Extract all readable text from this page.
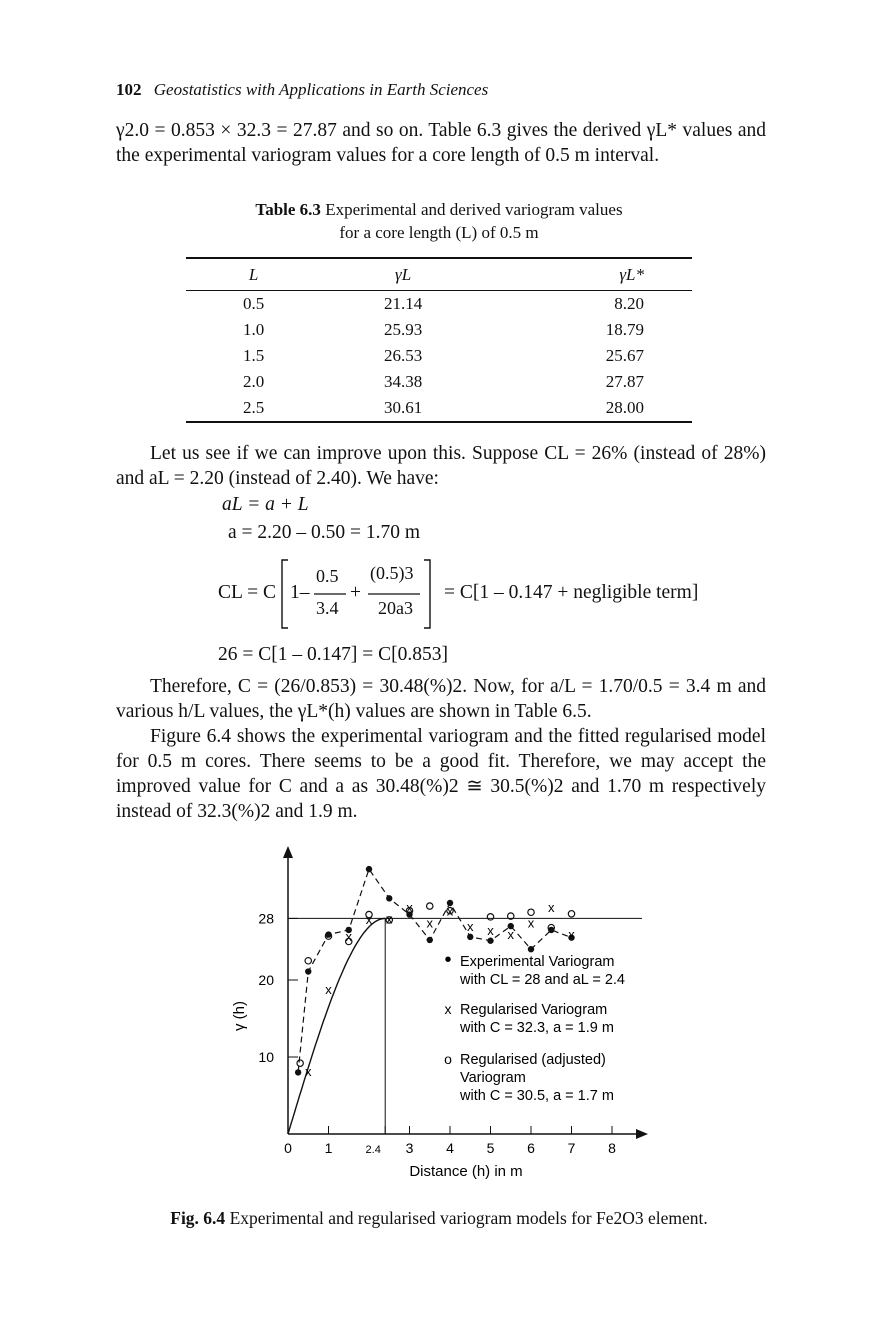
102 Geostatistics with Applications in Earth Sciences

γ2.0 = 0.853 × 32.3 = 27.87 and so on. Table 6.3 gives the derived γL* values and the experimental variogram values for a core length of 0.5 m interval.

Table 6.3 Experimental and derived variogram values
for a core length (L) of 0.5 m
L	γL	γL*
0.5	21.14	8.20
1.0	25.93	18.79
1.5	26.53	25.67
2.0	34.38	27.87
2.5	30.61	28.00

Let us see if we can improve upon this. Suppose CL = 26% (instead of 28%) and aL = 2.20 (instead of 2.40). We have:

aL = a + L
a = 2.20 – 0.50 = 1.70 m
CL = C 1–
0.5
3.4
+
(0.5)3
20a3
= C[1 – 0.147 + negligible term]
26 = C[1 – 0.147] = C[0.853]

Therefore, C = (26/0.853) = 30.48(%)2. Now, for a/L = 1.70/0.5 = 3.4 m and various h/L values, the γL*(h) values are shown in Table 6.5.

Figure 6.4 shows the experimental variogram and the fitted regularised model for 0.5 m cores. There seems to be a good fit. Therefore, we may accept the improved value for C and a as 30.48(%)2 ≅ 30.5(%)2 and 1.70 m respectively instead of 32.3(%)2 and 1.9 m.

0 1	2.4 3 4 5 6 7 8
10
20
28
x
x
x
x x
x
x
x
x x x
x
x
x
Distance (h) in m
γ (h)
• Experimental Variogram
with CL = 28 and aL = 2.4
x Regularised Variogram
with C = 32.3, a = 1.9 m
o Regularised (adjusted)
Variogram
with C = 30.5, a = 1.7 m
Fig. 6.4 Experimental and regularised variogram models for Fe2O3 element.
